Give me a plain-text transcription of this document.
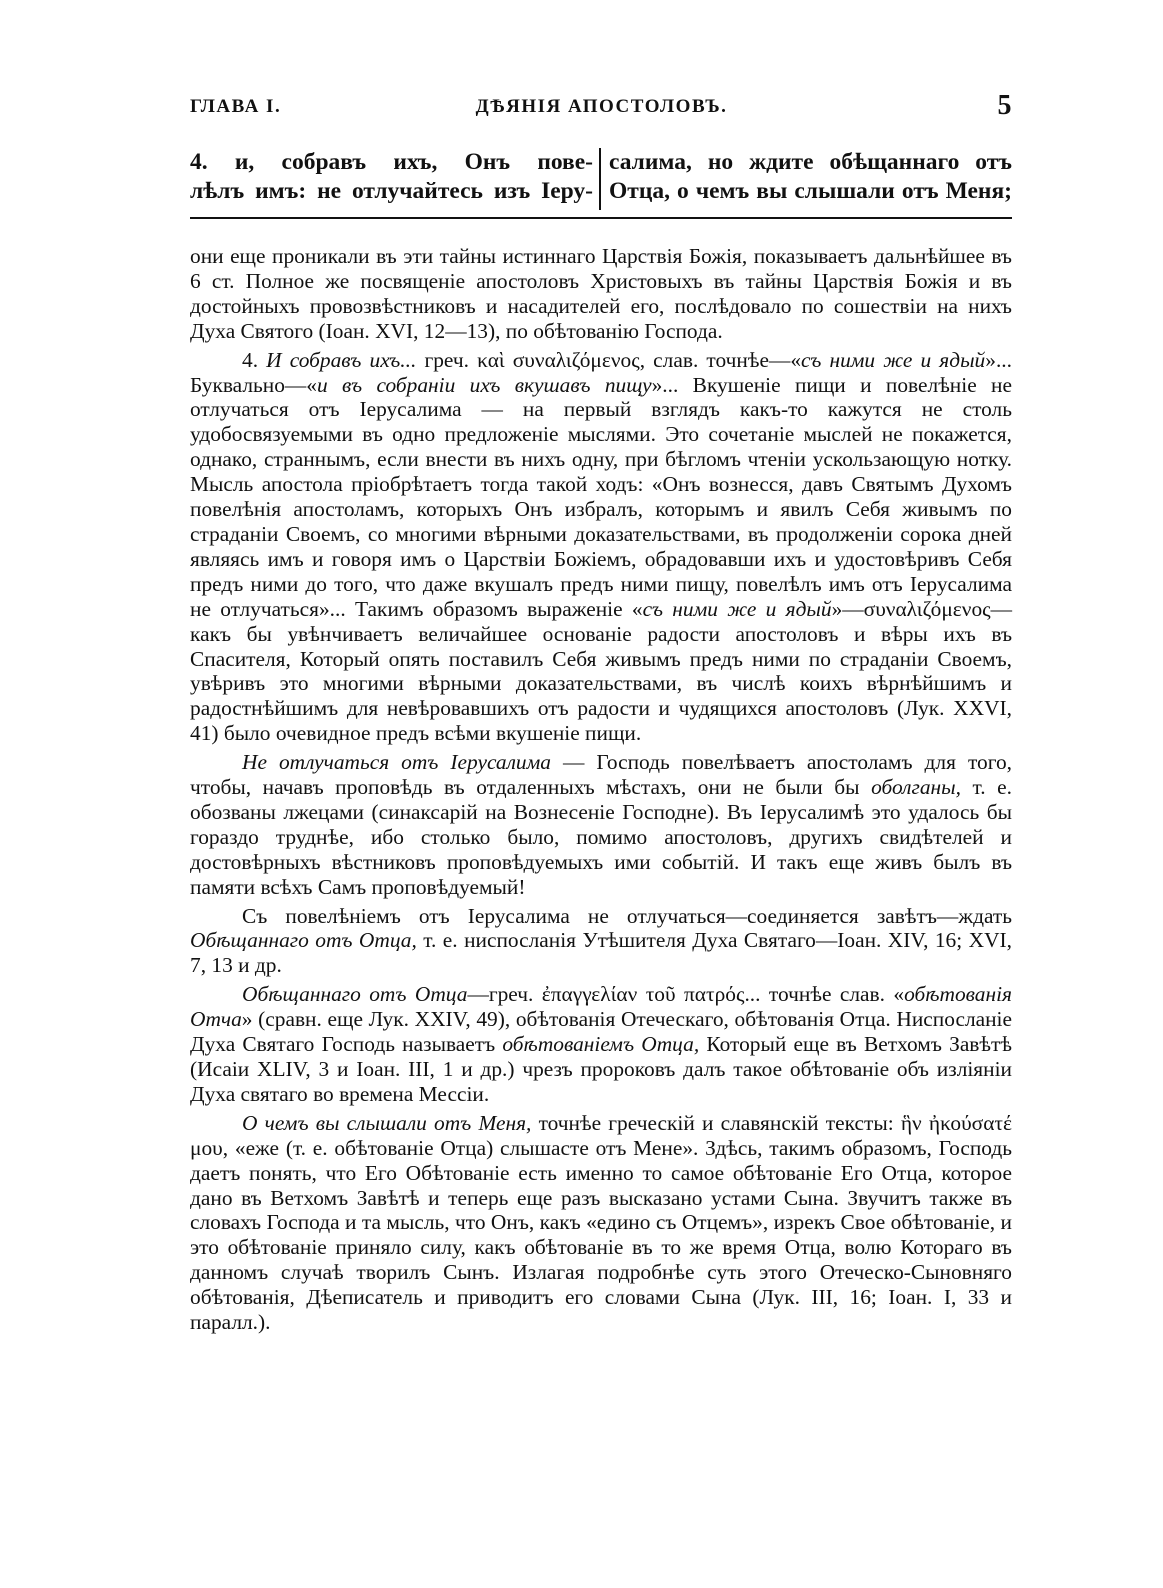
ГЛАВА I.	ДѢЯНІЯ АПОСТОЛОВЪ.	5
4. и, собравъ ихъ, Онъ пове-
лѣлъ имъ: не отлучайтесь изъ Іеру-
салима, но ждите обѣщаннаго отъ
Отца, о чемъ вы слышали отъ Меня;

они еще проникали въ эти тайны истиннаго Царствія Божія, показываетъ дальнѣйшее въ 6 ст. Полное же посвященіе апостоловъ Христовыхъ въ тайны Царствія Божія и въ достойныхъ провозвѣстниковъ и насадителей его, послѣдовало по сошествіи на нихъ Духа Святого (Іоан. XVI, 12—13), по обѣтованію Господа.

4. И собравъ ихъ... греч. καὶ συναλιζόμενος, слав. точнѣе—«съ ними же и ядый»... Буквально—«и въ собраніи ихъ вкушавъ пищу»... Вкушеніе пищи и повелѣніе не отлучаться отъ Іерусалима — на первый взглядъ какъ-то кажутся не столь удобосвязуемыми въ одно предложеніе мыслями. Это сочетаніе мыслей не покажется, однако, страннымъ, если внести въ нихъ одну, при бѣгломъ чтеніи ускользающую нотку. Мысль апостола пріобрѣтаетъ тогда такой ходъ: «Онъ вознесся, давъ Святымъ Духомъ повелѣнія апостоламъ, которыхъ Онъ избралъ, которымъ и явилъ Себя живымъ по страданіи Своемъ, со многими вѣрными доказательствами, въ продолженіи сорока дней являясь имъ и говоря имъ о Царствіи Божіемъ, обрадовавши ихъ и удостовѣривъ Себя предъ ними до того, что даже вкушалъ предъ ними пищу, повелѣлъ имъ отъ Іерусалима не отлучаться»... Такимъ образомъ выраженіе «съ ними же и ядый»—συναλιζόμενος—какъ бы увѣнчиваетъ величайшее основаніе радости апостоловъ и вѣры ихъ въ Спасителя, Который опять поставилъ Себя живымъ предъ ними по страданіи Своемъ, увѣривъ это многими вѣрными доказательствами, въ числѣ коихъ вѣрнѣйшимъ и радостнѣйшимъ для невѣровавшихъ отъ радости и чудящихся апостоловъ (Лук. XXVI, 41) было очевидное предъ всѣми вкушеніе пищи.

Не отлучаться отъ Іерусалима — Господь повелѣваетъ апостоламъ для того, чтобы, начавъ проповѣдь въ отдаленныхъ мѣстахъ, они не были бы оболганы, т. е. обозваны лжецами (синаксарій на Вознесеніе Господне). Въ Іерусалимѣ это удалось бы гораздо труднѣе, ибо столько было, помимо апостоловъ, другихъ свидѣтелей и достовѣрныхъ вѣстниковъ проповѣдуемыхъ ими событій. И такъ еще живъ былъ въ памяти всѣхъ Самъ проповѣдуемый!

Съ повелѣніемъ отъ Іерусалима не отлучаться—соединяется завѣтъ—ждать Обѣщаннаго отъ Отца, т. е. ниспосланія Утѣшителя Духа Святаго—Іоан. XIV, 16; XVI, 7, 13 и др.

Обѣщаннаго отъ Отца—греч. ἐπαγγελίαν τοῦ πατρός... точнѣе слав. «обѣтованія Отча» (сравн. еще Лук. XXIV, 49), обѣтованія Отеческаго, обѣтованія Отца. Ниспосланіе Духа Святаго Господь называетъ обѣтованіемъ Отца, Который еще въ Ветхомъ Завѣтѣ (Исаіи XLIV, 3 и Іоан. III, 1 и др.) чрезъ пророковъ далъ такое обѣтованіе объ изліяніи Духа святаго во времена Мессіи.

О чемъ вы слышали отъ Меня, точнѣе греческій и славянскій тексты: ἣν ἠκούσατέ μου, «еже (т. е. обѣтованіе Отца) слышасте отъ Мене». Здѣсь, такимъ образомъ, Господь даетъ понять, что Его Обѣтованіе есть именно то самое обѣтованіе Его Отца, которое дано въ Ветхомъ Завѣтѣ и теперь еще разъ высказано устами Сына. Звучитъ также въ словахъ Господа и та мысль, что Онъ, какъ «едино съ Отцемъ», изрекъ Свое обѣтованіе, и это обѣтованіе приняло силу, какъ обѣтованіе въ то же время Отца, волю Котораго въ данномъ случаѣ творилъ Сынъ. Излагая подробнѣе суть этого Отеческо-Сыновняго обѣтованія, Дѣеписатель и приводитъ его словами Сына (Лук. III, 16; Іоан. I, 33 и паралл.).
